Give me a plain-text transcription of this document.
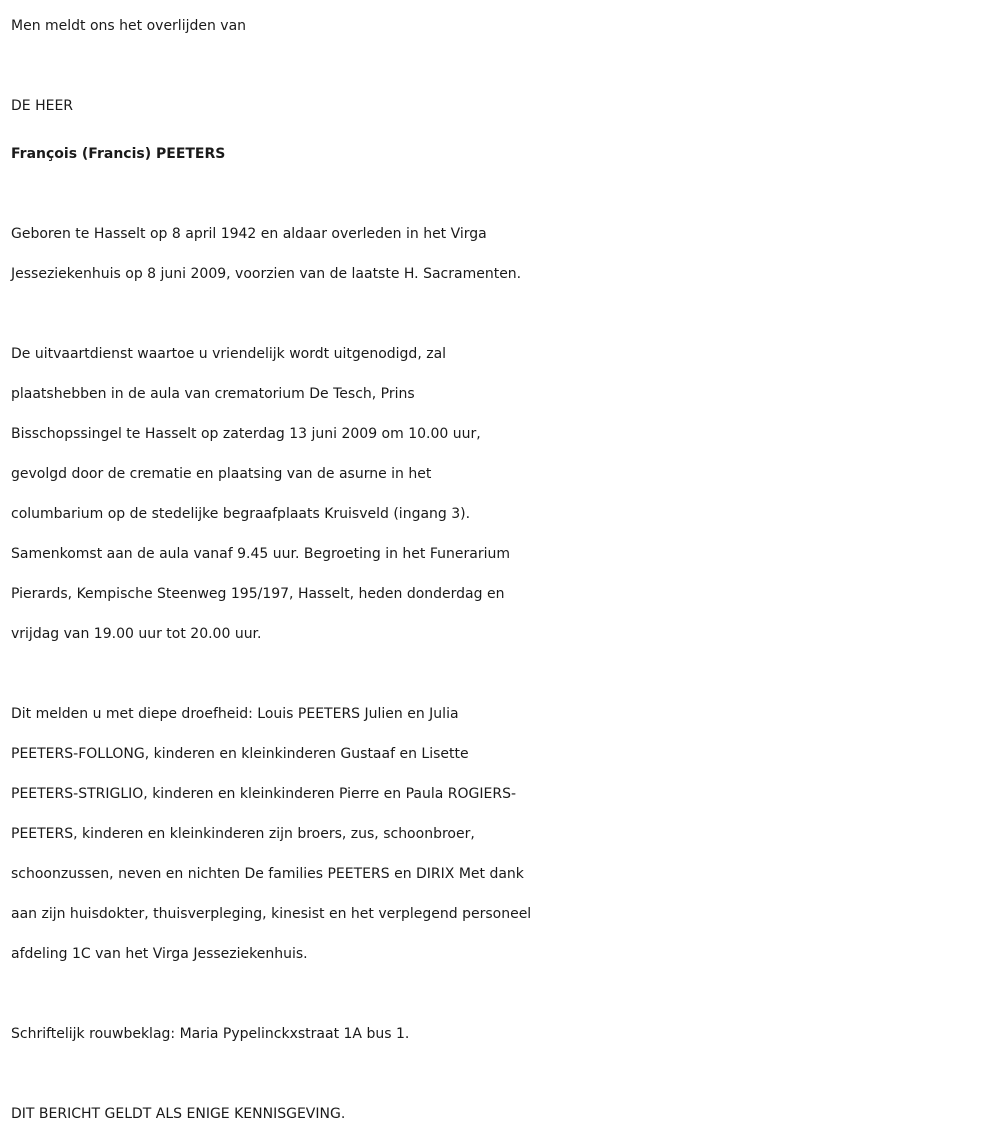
Men meldt ons het overlijden van
DE HEER
François (Francis) PEETERS
Geboren te Hasselt op 8 april 1942 en aldaar overleden in het Virga
Jesseziekenhuis op 8 juni 2009, voorzien van de laatste H. Sacramenten.
De uitvaartdienst waartoe u vriendelijk wordt uitgenodigd, zal
plaatshebben in de aula van crematorium De Tesch, Prins
Bisschopssingel te Hasselt op zaterdag 13 juni 2009 om 10.00 uur,
gevolgd door de crematie en plaatsing van de asurne in het
columbarium op de stedelijke begraafplaats Kruisveld (ingang 3).
Samenkomst aan de aula vanaf 9.45 uur. Begroeting in het Funerarium
Pierards, Kempische Steenweg 195/197, Hasselt, heden donderdag en
vrijdag van 19.00 uur tot 20.00 uur.
Dit melden u met diepe droefheid: Louis PEETERS Julien en Julia
PEETERS-FOLLONG, kinderen en kleinkinderen Gustaaf en Lisette
PEETERS-STRIGLIO, kinderen en kleinkinderen Pierre en Paula ROGIERS-
PEETERS, kinderen en kleinkinderen zijn broers, zus, schoonbroer,
schoonzussen, neven en nichten De families PEETERS en DIRIX Met dank
aan zijn huisdokter, thuisverpleging, kinesist en het verplegend personeel
afdeling 1C van het Virga Jesseziekenhuis.
Schriftelijk rouwbeklag: Maria Pypelinckxstraat 1A bus 1.
DIT BERICHT GELDT ALS ENIGE KENNISGEVING.
